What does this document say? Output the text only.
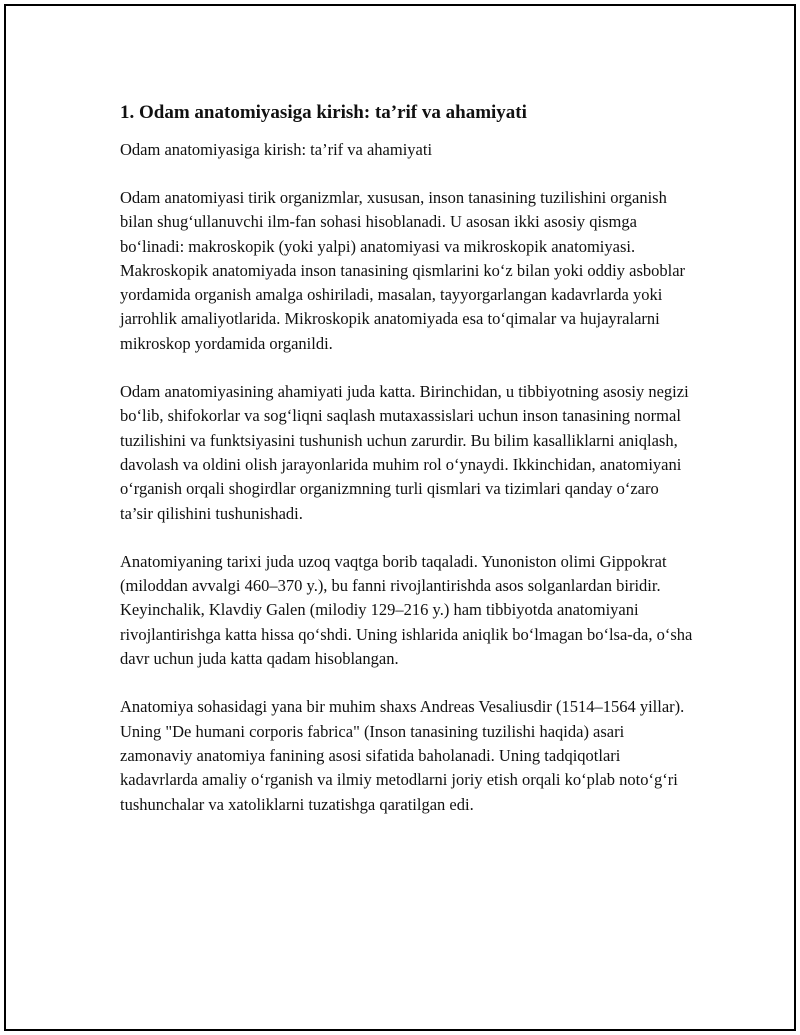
1. Odam anatomiyasiga kirish: ta’rif va ahamiyati

Odam anatomiyasiga kirish: ta’rif va ahamiyati

Odam anatomiyasi tirik organizmlar, xususan, inson tanasining tuzilishini organish bilan shug‘ullanuvchi ilm-fan sohasi hisoblanadi. U asosan ikki asosiy qismga bo‘linadi: makroskopik (yoki yalpi) anatomiyasi va mikroskopik anatomiyasi. Makroskopik anatomiyada inson tanasining qismlarini ko‘z bilan yoki oddiy asboblar yordamida organish amalga oshiriladi, masalan, tayyorgarlangan kadavrlarda yoki jarrohlik amaliyotlarida. Mikroskopik anatomiyada esa to‘qimalar va hujayralarni mikroskop yordamida organildi.

Odam anatomiyasining ahamiyati juda katta. Birinchidan, u tibbiyotning asosiy negizi bo‘lib, shifokorlar va sog‘liqni saqlash mutaxassislari uchun inson tanasining normal tuzilishini va funktsiyasini tushunish uchun zarurdir. Bu bilim kasalliklarni aniqlash, davolash va oldini olish jarayonlarida muhim rol o‘ynaydi. Ikkinchidan, anatomiyani o‘rganish orqali shogirdlar organizmning turli qismlari va tizimlari qanday o‘zaro ta’sir qilishini tushunishadi.

Anatomiyaning tarixi juda uzoq vaqtga borib taqaladi. Yunoniston olimi Gippokrat (miloddan avvalgi 460–370 y.), bu fanni rivojlantirishda asos solganlardan biridir. Keyinchalik, Klavdiy Galen (milodiy 129–216 y.) ham tibbiyotda anatomiyani rivojlantirishga katta hissa qo‘shdi. Uning ishlarida aniqlik bo‘lmagan bo‘lsa-da, o‘sha davr uchun juda katta qadam hisoblangan.

Anatomiya sohasidagi yana bir muhim shaxs Andreas Vesaliusdir (1514–1564 yillar). Uning "De humani corporis fabrica" (Inson tanasining tuzilishi haqida) asari zamonaviy anatomiya fanining asosi sifatida baholanadi. Uning tadqiqotlari kadavrlarda amaliy o‘rganish va ilmiy metodlarni joriy etish orqali ko‘plab noto‘g‘ri tushunchalar va xatoliklarni tuzatishga qaratilgan edi.
